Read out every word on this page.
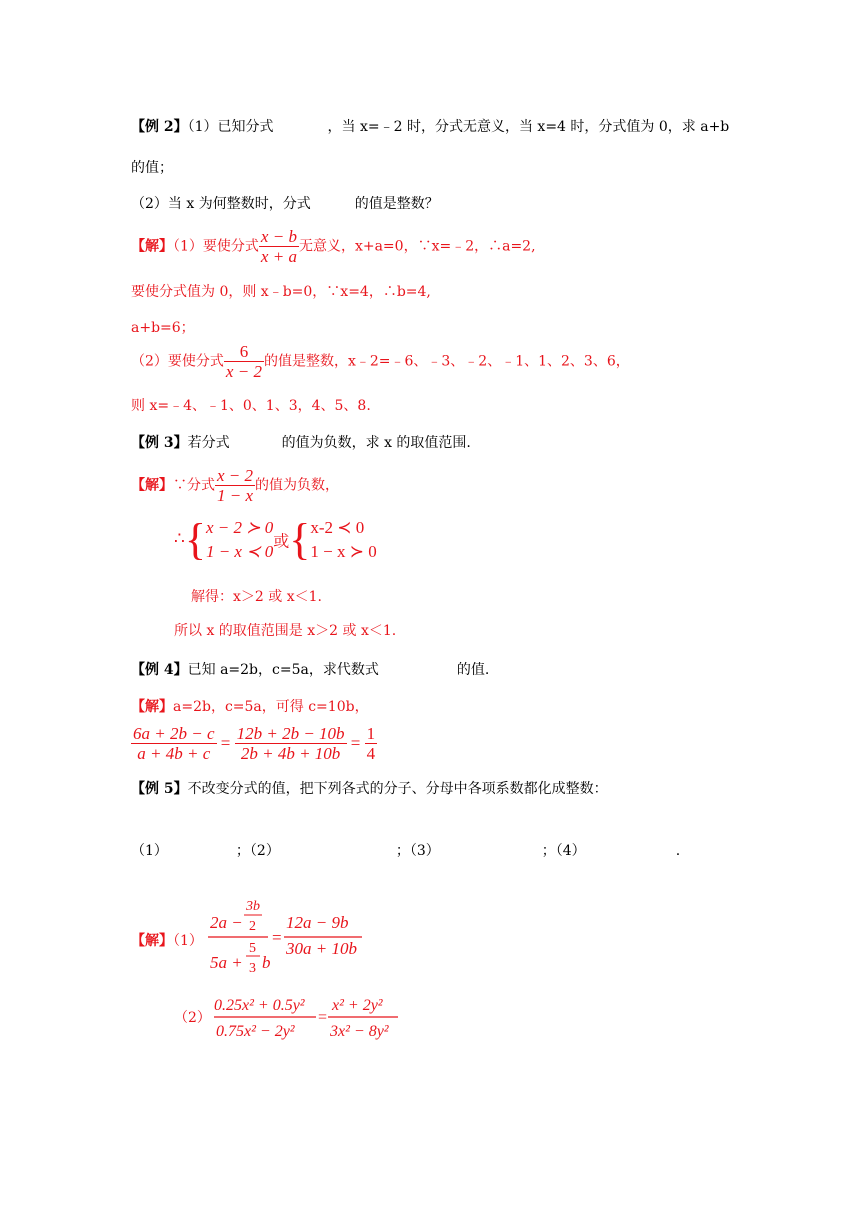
【例 2】（1）已知分式	，当 x=﹣2 时，分式无意义，当 x=4 时，分式值为 0，求 a+b
的值；
（2）当 x 为何整数时，分式	的值是整数？
【解】（1）要使分式 $\frac{x - b}{x + a}$ 无意义，x+a=0，∵x=﹣2，∴a=2,
要使分式值为 0，则 x﹣b=0，∵x=4，∴b=4,
a+b=6；
（2）要使分式 $\frac{6}{x - 2}$ 的值是整数，x﹣2=﹣6、﹣3、﹣2、﹣1、1、2、3、6，
则 x=﹣4、﹣1、0、1、3，4、5、8.
【例 3】若分式	的值为负数，求 x 的取值范围.
【解】∵分式 $\frac{x - 2}{1 - x}$ 的值为负数，
∴{ x − 2 ≻ 0
1 − x ≺ 0 或{ x-2 ≺ 0
1 − x ≻ 0
解得：x＞2 或 x＜1.
所以 x 的取值范围是 x＞2 或 x＜1.
【例 4】已知 a=2b，c=5a，求代数式	的值.
【解】a=2b，c=5a，可得 c=10b，
$\frac{6a + 2b - c}{a + 4b + c} = \frac{12b + 2b - 10b}{2b + 4b + 10b} = \frac{1}{4}$
【例 5】不改变分式的值，把下列各式的分子、分母中各项系数都化成整数：
（1）	；（2）	；（3）	；（4）	.
【解】（1）
2a −
3b
2
5a +
5
3 b
=
12a − 9b
30a + 10b
（2）
0.25x² + 0.5y²
0.75x² − 2y²
=
x² + 2y²
3x² − 8y²
